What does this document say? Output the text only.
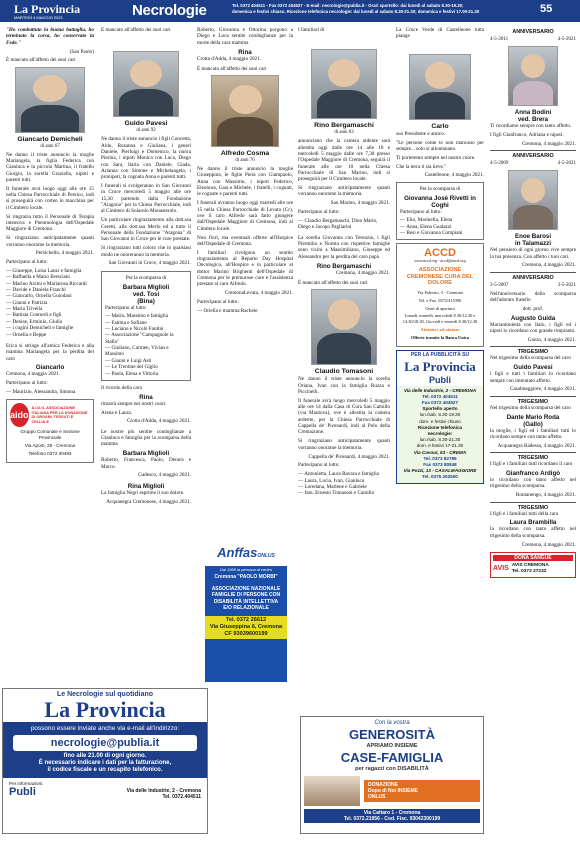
La Provincia
MARTEDÌ 4 MAGGIO 2021	Necrologie	Tel. 0372 404511 - Fax 0372 404527 - E-mail: necrologie@publia.it - Orari sportello: dai lunedì al sabato 8.30-19.30;
domenica e festivi chiuso. Ricezione telefonica necrologie: dal lunedì al sabato 8.30-21.30; domenica e festivi 17.00-21.30	55

"Ho combattuto la buona battaglia, ho terminato la corsa, ho conservato la Fede."

(San Paolo)

È mancato all'affetto dei suoi cari

Giancarlo Demicheli
di anni 67

Ne danno il triste annuncio la moglie Mariangela, la figlia Federica con Gianluca e la piccola Martina, il fratello Giorgio, la sorella Graziella, nipoti e parenti tutti.

Il funerale avrà luogo oggi alle ore 15 nella Chiesa Parrocchiale di Persico, indi si proseguirà con corteo in macchina per il Cimitero locale.

Si ringrazia tutto il Personale di Terapia intensiva e Pneumologia dell'Ospedale Maggiore di Cremona.

Si ringraziano anticipatamente quanti vorranno onorarne la memoria.

Persichello, 4 maggio 2021.

Partecipano al lutto:

— Giuseppe, Luisa Lanzi e famiglia
— Raffaella e Mario Bresciani
— Marino Arzini e Mariarosa Riccardi
— Davide e Daniela Franchi
— Giancarlo, Ornella Guindani
— Gianni e Patrizia
— Maria Trivella
— Battista Conturdi e figli
— Denise, Erminio, Giulia
— i cugini Demicheli e famiglie
— Ornella e Beppe

Erica si stringe all'amica Federica e alla mamma Mariangela per la perdita del caro

Giancarlo

Cremona, 4 maggio 2021.

Partecipano al lutto:

— Maurizio, Alessandra, Simona
aido
A.I.D.O. ASSOCIAZIONE ITALIANA PER LA DONAZIONE DI ORGANI, TESSUTI E CELLULE

Gruppo Comunale e Sezione Provinciale

Via Aporti, 28 - Cremona

Telefono 0372 30493

È mancato all'affetto dei suoi cari

Guido Pavesi
di anni 92

Ne danno il triste annuncio i figli Concetta, Aldo, Rosanna e Giuliana, i generi Daniele, Pierluigi e Domenico, la nuora Pierina, i nipoti Monica con Luca, Diego con Sara, Ilaria con Daniele, Giada, Arianna con Simone e Michelangelo, i pronipoti, la cognata Anna e parenti tutti.

I funerali si svolgeranno in San Giovanni in Croce mercoledì 5 maggio alle ore 15,30 partendo dalla Fondazione "Aragona" per la Chiesa Parrocchiale, indi al Cimitero di Solarolo Monasterolo.

Un particolare ringraziamento alla dott.ssa Ceretti, alla dott.ssa Merlo ed a tutto il Personale della Fondazione "Aragona" di San Giovanni in Croce per le cure prestate.

Si ringraziano tutti coloro che in qualsiasi modo ne onoreranno la memoria.

San Giovanni in Croce, 4 maggio 2021.

Per la scomparsa di

Barbara Miglioli
ved. Tosi
(Bina)

Partecipano al lutto:

— Mario, Massimo e famiglia
— Fatima e Sofiane
— Luciano e Nicolò Fantini
— Associazione "Campagnole la Stalla"
— Giuliano, Carmen, Vivian e Massimo
— Gianni e Luigi Asti
— Le Trentine del Giglio
— Paola, Elena e Vittoria

Il ricordo della cara

Rina

rimarrà sempre nei nostri cuori.

Arena e Laura.

Crotta d'Adda, 4 maggio 2021.

Le nostre più sentite condoglianze a Gianluca e famiglia per la scomparsa della mamma

Barbara Miglioli

Roberto, Francesca, Paolo, Dennis e Marco.

Gadesco, 4 maggio 2021.

Rina Miglioli

La famiglia Negri esprime il suo dolore.

Acquanegra Cremonese, 4 maggio 2021.

Roberto, Giovanna e Ottorina porgono a Diego e Luca sentite condoglianze per la morte della cara mamma

Rina

Crotta d'Adda, 4 maggio 2021.

È mancato all'affetto dei suoi cari

Alfredo Cosma
di anni 76

Ne danno il triste annuncio la moglie Giuseppina, le figlie Piera con Giampaolo, Anna con Massimo, i nipoti Federico, Eleonora, Gaia e Michele, i fratelli, i cognati, le cognate e parenti tutti.

I funerali avranno luogo oggi martedì alle ore 15 nella Chiesa Parrocchiale di Levata (Cr), ove il caro Alfredo sarà fatto giungere dall'Ospedale Maggiore di Cremona, indi al Cimitero locale.

Non fiori, ma eventuali offerte all'Hospice dell'Ospedale di Cremona.

I familiari rivolgono un sentito ringraziamento al Reparto Day Hospital Oncologico, all'Hospice e in particolare al dottor Marino Brighenti dell'Ospedale di Cremona per le premurose cure e l'assistenza prestate al caro Alfredo.

CremonaLevata, 4 maggio 2021.

Partecipano al lutto:

— Oriella e mamma Rachele
AnffasONLUS
Dal 1958 la persona al centro
Cremona "PAOLO MORBI"
ASSOCIAZIONE NAZIONALE FAMIGLIE DI PERSONE CON DISABILITÀ INTELLETTIVA E/O RELAZIONALE
Tel. 0372 26612
Via Giuseppina 6, Cremona
CF 93039600199

I familiari di

Rino Bergamaschi
di anni 83

annunciano che la camera ardente sarà allestita oggi dalle ore 14 alle 18 e mercoledì 5 maggio dalle ore 7,30 presso l'Ospedale Maggiore di Cremona, seguirà il funerale alle ore 10 nella Chiesa Parrocchiale di San Marino, indi si proseguirà per il Cimitero locale.

Si ringraziano anticipatamente quanti vorranno onorarne la memoria.

San Marino, 4 maggio 2021.

Partecipano al lutto:

— Claudio Bergamaschi, Dino Mario, Diego e Jacopo Pagliarini

La sorella Giovanna con Terenzio, i figli Piermilio e Norma con rispettive famiglie sono vicini a Massimiliano, Giuseppe ed Alessandro per la perdita del caro papà

Rino Bergamaschi

Cremona, 4 maggio 2021.

È mancato all'affetto dei suoi cari

Claudio Tomasoni

Ne danno il triste annuncio la sorella Oriana, Ivan con la famiglia Ruzza e Piccinelli.

Il funerale avrà luogo mercoledì 5 maggio alle ore 14 dalla Casa di Cura San Camillo (via Mantova), ove è allestita la camera ardente, per la Chiesa Parrocchiale di Cappella de' Picenardi, indi al Polo della Cremazione.

Si ringraziano anticipatamente quanti vorranno onorarne la memoria.

Cappella de' Picenardi, 4 maggio 2021.

Partecipano al lutto:

— Antonietta, Laura Ravara e famiglia
— Laura, Lucia, Ivan, Gianluca
— Loredana, Marlene e Gabriele
— fam. Ernesto Tomasoni e Camillo

La Croce Verde di Castelleone tutta piange

Carlo

suo Presidente e amico.

"Le persone come te non mancano per sempre... solo si allontanano.

Ti porteremo sempre nel nostro cuore.

Che la terra ti sia lieve."

Castelleone, 4 maggio 2021.

Per la scomparsa di

Giovanna Josè Rivetti in Coghi

Partecipano al lutto:

— Elio, Marinella, Elena
— Anna, Elena Gualazzi
— Resi e Giovanna Compiani
ACCD

www.accd.org - accd@accd.org

ASSOCIAZIONE CREMONESE CURA DEL DOLORE

Via Palestro, 3 - Cremona

Tel. e Fax. 0372/415396

Orari di apertura

Lunedì, martedì, mercoledì 8.30/12.30 e 14.30/18.30, Giovedì e venerdì 8.30/12.30

Aiutateci ad aiutare

Offerte tramite la Banca Unica

PER LA PUBBLICITÀ SU
La Provincia
Publi
Via delle Industrie, 2 - CREMONA
Tel. 0372 404511
Fax 0372 404527
Sportello aperto
lun./sab. 8.30-19.30
dom. e festivi chiuso
Ricezione telefonica
necrologie:
lun./sab. 8.30-21.30
dom. e festivi 17-21.30
Via Cavour, 53 - CREMA
Tel. 0373 82789
Fax 0373 80848
Via Pozzi, 13 - CASALMAGGIORE
Tel. 0375 202500
ANNIVERSARIO
4-5-2011	4-5-2021
Anna Bodini
ved. Brera

Ti ricordiamo sempre con tanto affetto.

I figli Gianfranco, Adriana e nipoti.

Cremona, 4 maggio 2021.

ANNIVERSARIO
4-5-2009	4-5-2021
Enoe Barosi
in Talamazzi

Nel pensiero di ogni giorno vive sempre la tua presenza. Con affetto i tuoi cari.

Cremona, 4 maggio 2021.

ANNIVERSARIO
3-5-2007	3-5-2021

Nell'anniversario della scomparsa dell'adorato fratello

dott. prof.

Augusto Guida

Mariantonietta con Italo, i figli ed i nipoti lo ricordano con grande rimpianto.

Gazzo, 4 maggio 2021.

TRIGESIMO

Nel trigesimo della scomparsa del caro

Guido Pavesi

i figli e tutti i familiari lo ricordano sempre con immutato affetto.

Casalmaggiore, 4 maggio 2021.

TRIGESIMO

Nel trigesimo della scomparsa del caro

Dante Mario Roda
(Gallo)

la moglie, i figli ed i familiari tutti lo ricordano sempre con tanto affetto.

Acquanegra Badessa, 4 maggio 2021.

TRIGESIMO

I figli e i familiari tutti ricordano il caro

Gianfranco Ardigò

lo ricordano con tanto affetto nel trigesimo della scomparsa.

Romanengo, 4 maggio 2021.

TRIGESIMO

I figli e i familiari tutti della cara

Laura Brambilla

la ricordano con tanto affetto nel trigesimo della scomparsa.

Cremona, 4 maggio 2021.

DONA SANGUE
AVIS AVIS CREMONA
Tel. 0372 27232
Le Necrologie sul quotidiano
La Provincia
possono essere inviate anche via e-mail all'indirizzo:
necrologie@publia.it
fino alle 21.00 di ogni giorno.
È necessario indicare i dati per la fatturazione,
il codice fiscale e un recapito telefonico.
Per informazioni:
Publi	Via delle Industrie, 2 - Cremona
Tel. 0372.404511
Con la vostra
GENEROSITÀ
APRIAMO INSIEME
CASE-FAMIGLIA
per ragazzi con DISABILITÀ
DONAZIONE
Dopo di Noi INSIEME
ONLUS
Via Cattaro 1 - Cremona
Tel. 0372.21956 - Cod. Fisc. 93042300199
